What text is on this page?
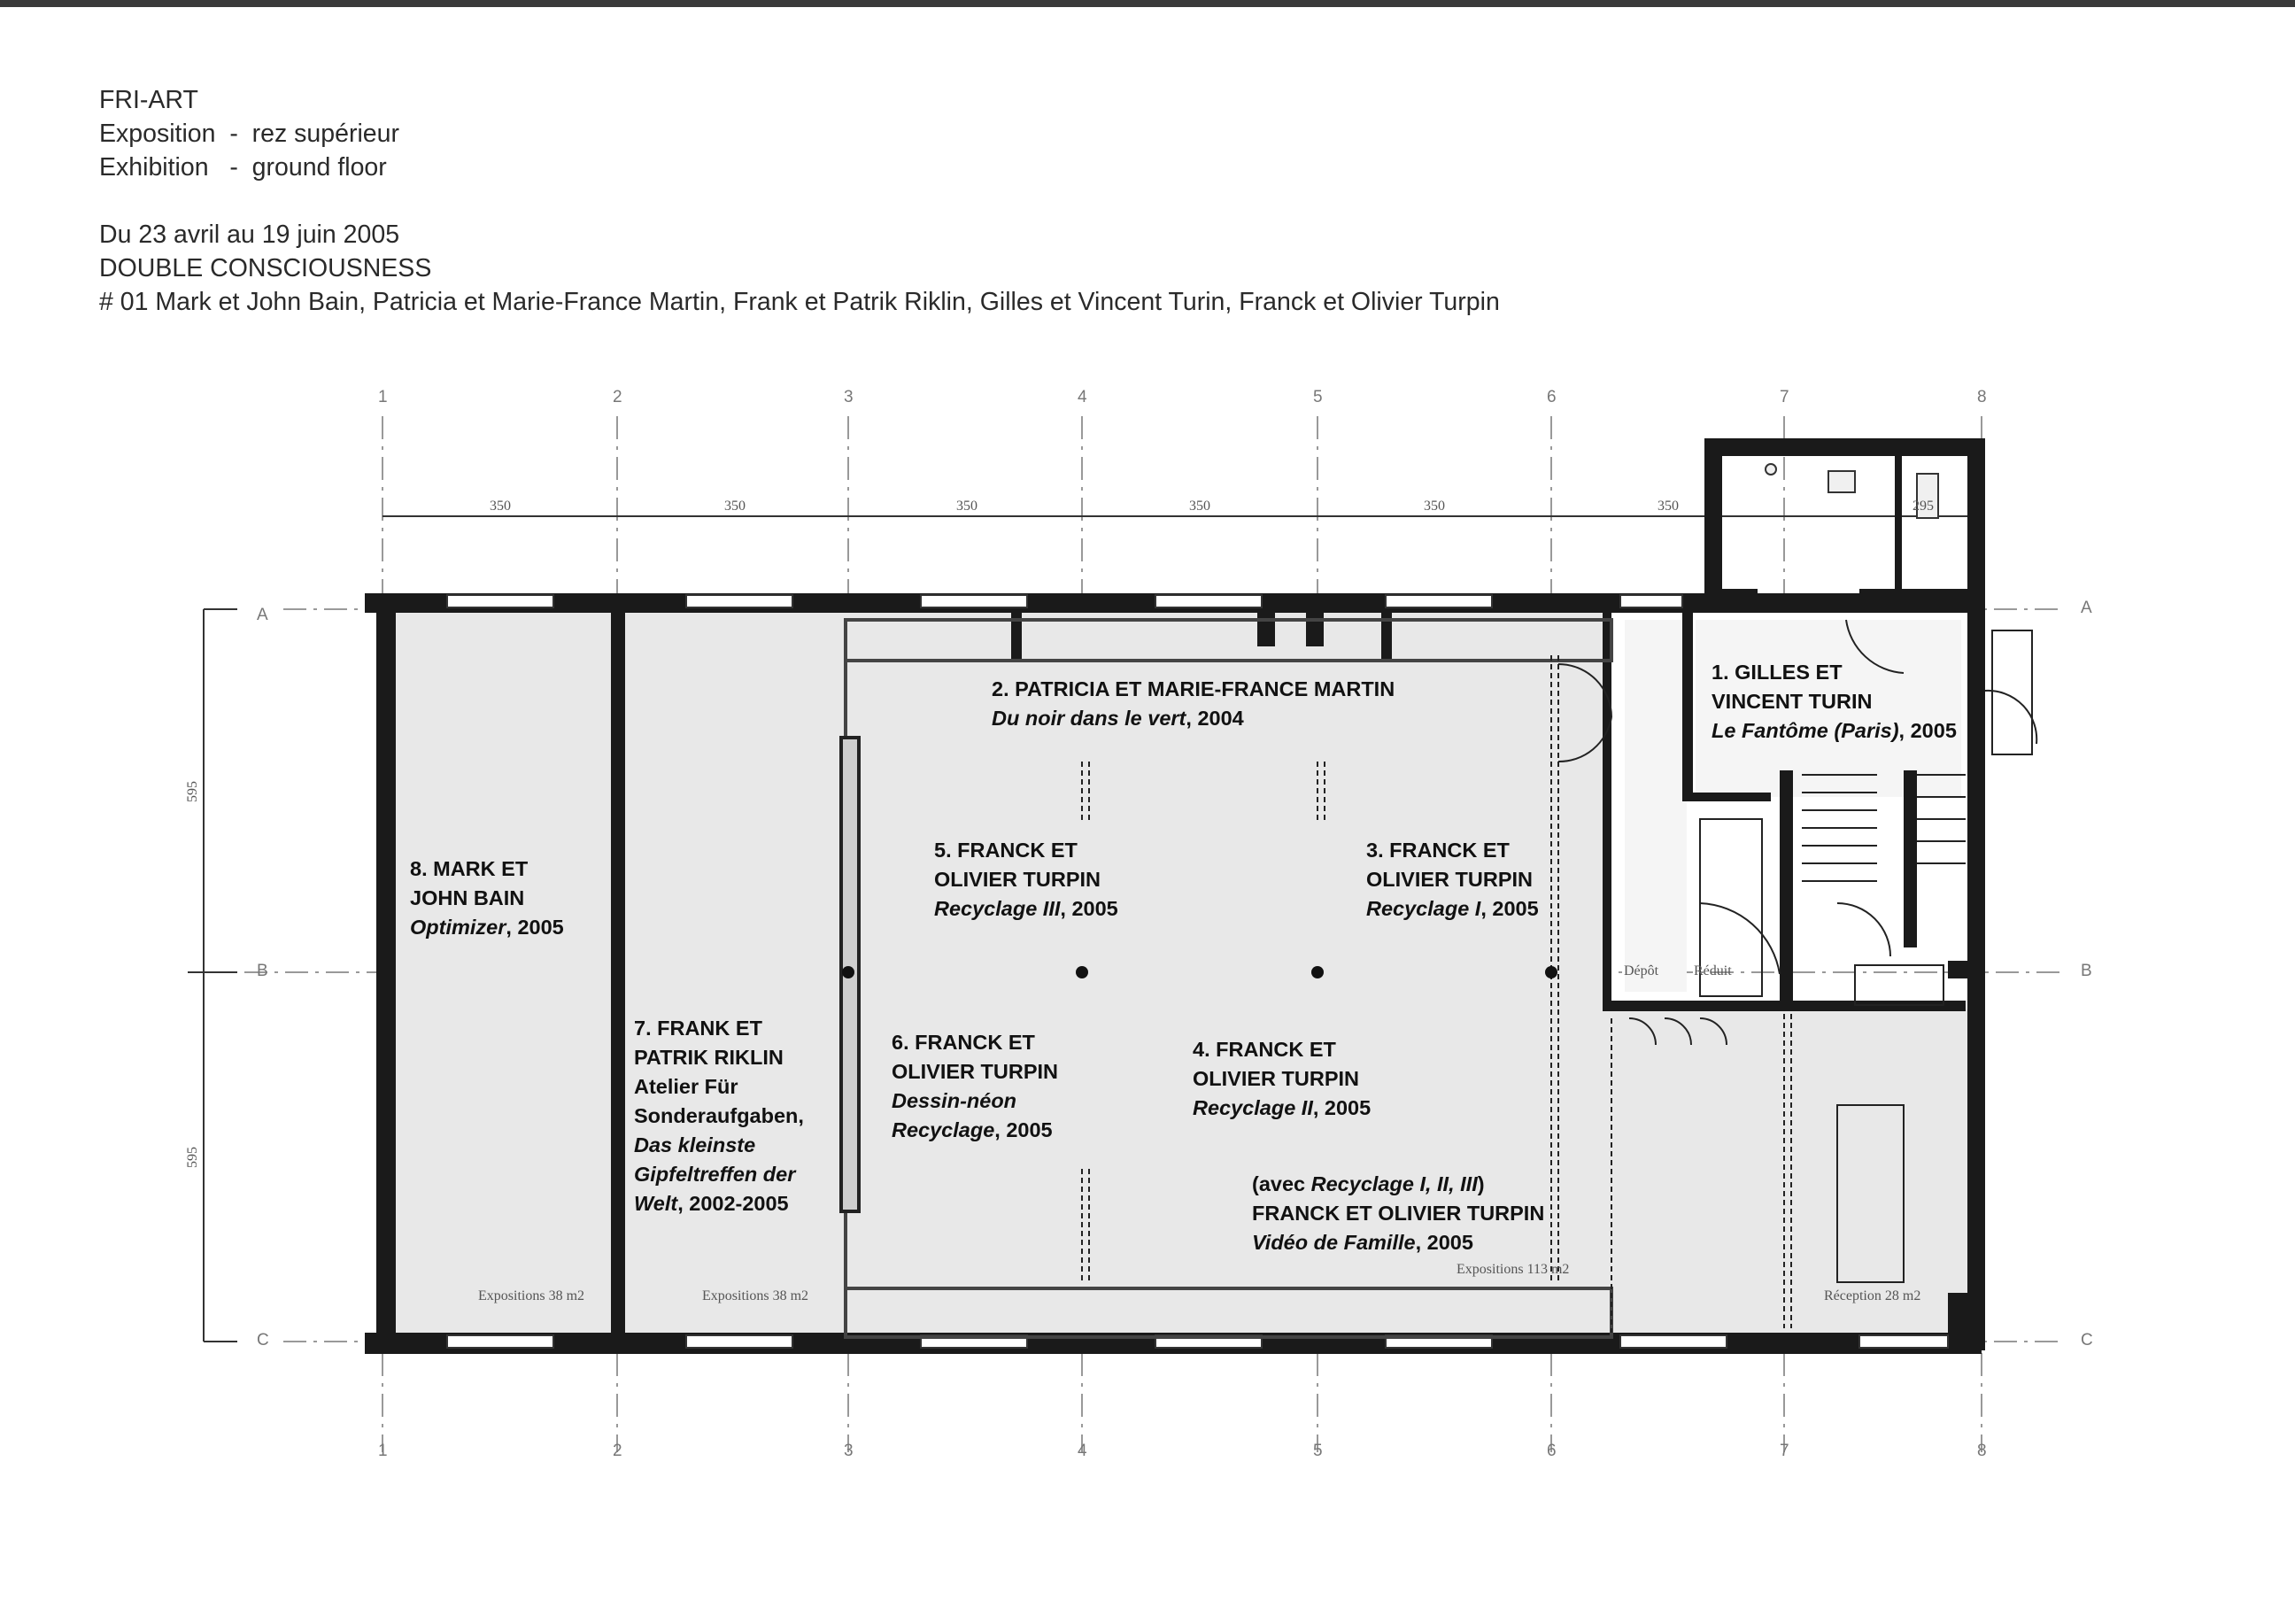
FRI-ART
Exposition  -  rez supérieur
Exhibition   -  ground floor
Du 23 avril au 19 juin 2005
DOUBLE CONSCIOUSNESS
# 01 Mark et John Bain, Patricia et Marie-France Martin, Frank et Patrik Riklin, Gilles et Vincent Turin, Franck et Olivier Turpin
1	2	3	4	5	6	7	8
1	2	3	4	5	6	7	8
A
B
C
A
B
C
350	350	350	350	350	350	295
595
595
Expositions 38 m2	Expositions 38 m2
Expositions 113 m2
Réception 28 m2
Dépôt Réduit
1. GILLES ET
VINCENT TURIN
Le Fantôme (Paris), 2005
2. PATRICIA ET MARIE-FRANCE MARTIN
Du noir dans le vert, 2004
3. FRANCK ET
OLIVIER TURPIN
Recyclage I, 2005
4. FRANCK ET
OLIVIER TURPIN
Recyclage II, 2005
5. FRANCK ET
OLIVIER TURPIN
Recyclage III, 2005
6. FRANCK ET
OLIVIER TURPIN
Dessin-néon
Recyclage, 2005
7. FRANK ET
PATRIK RIKLIN
Atelier Für
Sonderaufgaben,
Das kleinste
Gipfeltreffen der
Welt, 2002-2005
8. MARK ET
JOHN BAIN
Optimizer, 2005
(avec Recyclage I, II, III)
FRANCK ET OLIVIER TURPIN
Vidéo de Famille, 2005
